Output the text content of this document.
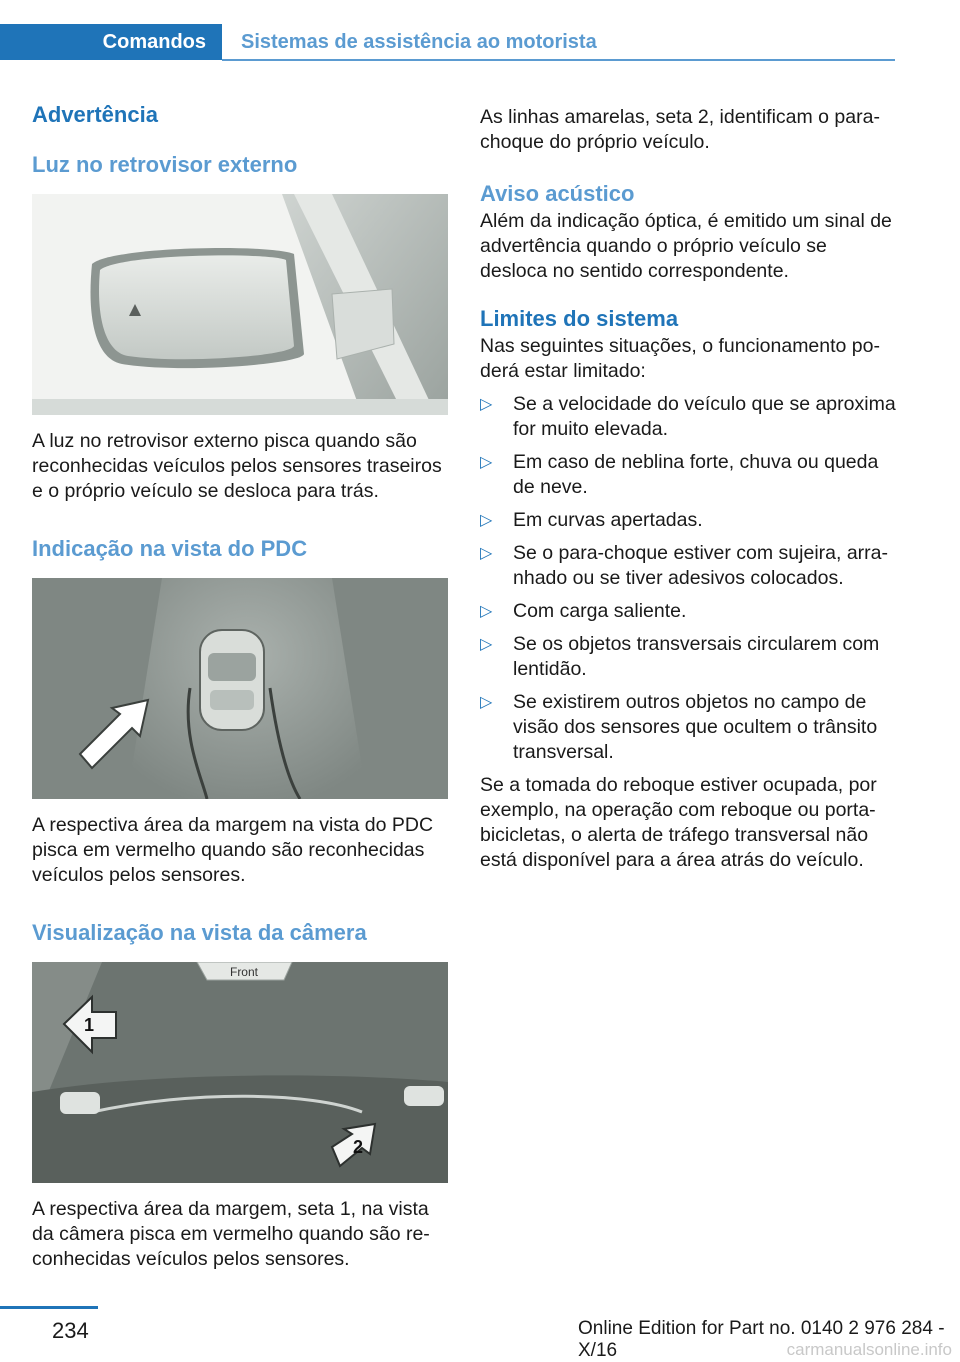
Comandos	Sistemas de assistência ao motorista
Advertência
Luz no retrovisor externo

A luz no retrovisor externo pisca quando são reconhecidas veículos pelos sensores traseiros e o próprio veículo se desloca para trás.

Indicação na vista do PDC

A respectiva área da margem na vista do PDC pisca em vermelho quando são reconhecidas veículos pelos sensores.

Visualização na vista da câmera
Front
1
2

A respectiva área da margem, seta 1, na vista da câmera pisca em vermelho quando são reconhecidas veículos pelos sensores.

As linhas amarelas, seta 2, identificam o para-choque do próprio veículo.

Aviso acústico

Além da indicação óptica, é emitido um sinal de advertência quando o próprio veículo se desloca no sentido correspondente.

Limites do sistema

Nas seguintes situações, o funcionamento poderá estar limitado:

▷ Se a velocidade do veículo que se aproxima for muito elevada.
▷ Em caso de neblina forte, chuva ou queda de neve.
▷ Em curvas apertadas.
▷ Se o para-choque estiver com sujeira, arranhado ou se tiver adesivos colocados.
▷ Com carga saliente.
▷ Se os objetos transversais circularem com lentidão.
▷ Se existirem outros objetos no campo de visão dos sensores que ocultem o trânsito transversal.

Se a tomada do reboque estiver ocupada, por exemplo, na operação com reboque ou porta-bicicletas, o alerta de tráfego transversal não está disponível para a área atrás do veículo.

234	Online Edition for Part no. 0140 2 976 284 - X/16	carmanualsonline.info
